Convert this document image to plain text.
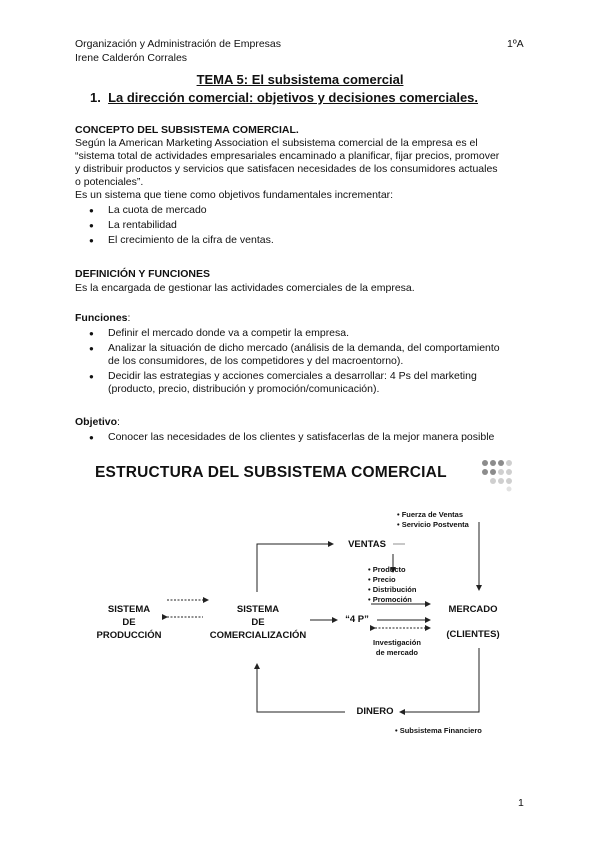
Organización y Administración de Empresas	1ºA
Irene Calderón Corrales
TEMA 5: El subsistema comercial
1. La dirección comercial: objetivos y decisiones comerciales.

CONCEPTO DEL SUBSISTEMA COMERCIAL.

Según la American Marketing Association el subsistema comercial de la empresa es el

“sistema total de actividades empresariales encaminado a planificar, fijar precios, promover

y distribuir productos y servicios que satisfacen necesidades de los consumidores actuales

o potenciales”.

Es un sistema que tiene como objetivos fundamentales incrementar:

● La cuota de mercado
● La rentabilidad
● El crecimiento de la cifra de ventas.

DEFINICIÓN Y FUNCIONES

Es la encargada de gestionar las actividades comerciales de la empresa.

Funciones:

● Definir el mercado donde va a competir la empresa.
● Analizar la situación de dicho mercado (análisis de la demanda, del comportamiento
de los consumidores, de los competidores y del macroentorno).
● Decidir las estrategias y acciones comerciales a desarrollar: 4 Ps del marketing
(producto, precio, distribución y promoción/comunicación).

Objetivo:

● Conocer las necesidades de los clientes y satisfacerlas de la mejor manera posible
ESTRUCTURA DEL SUBSISTEMA COMERCIAL
SISTEMA
DE
PRODUCCIÓN
SISTEMA
DE
COMERCIALIZACIÓN
“4 P”
MERCADO
(CLIENTES)
VENTAS
DINERO
• Fuerza de Ventas
• Servicio Postventa
• Producto
• Precio
• Distribución
• Promoción
Investigación
de mercado
• Subsistema Financiero
1
